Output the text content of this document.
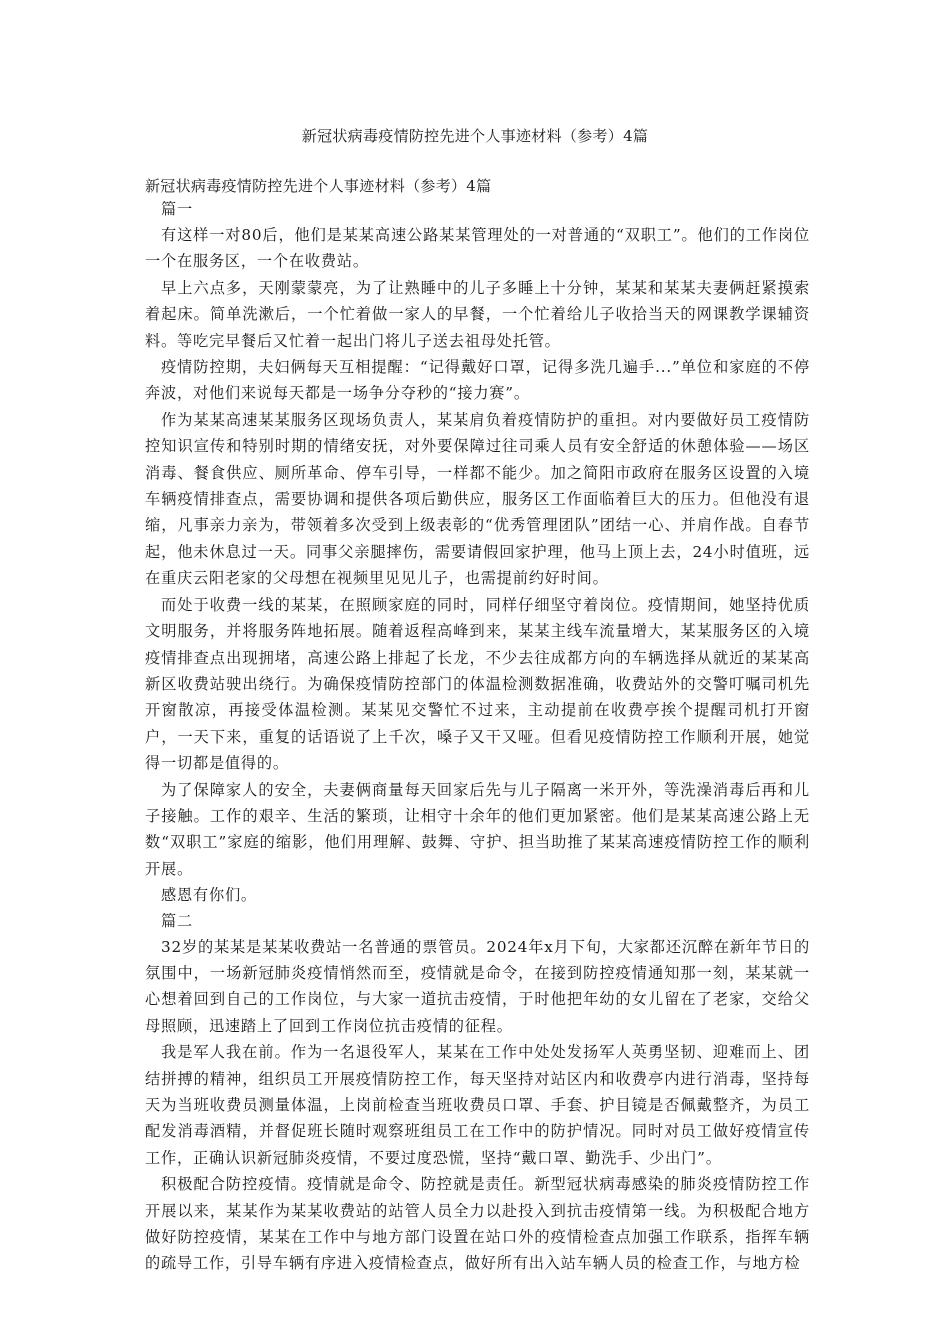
新冠状病毒疫情防控先进个人事迹材料（参考）4篇

新冠状病毒疫情防控先进个人事迹材料（参考）4篇

篇一

有这样一对80后，他们是某某高速公路某某管理处的一对普通的“双职工”。他们的工作岗位一个在服务区，一个在收费站。

早上六点多，天刚蒙蒙亮，为了让熟睡中的儿子多睡上十分钟，某某和某某夫妻俩赶紧摸索着起床。简单洗漱后，一个忙着做一家人的早餐，一个忙着给儿子收拾当天的网课教学课辅资料。等吃完早餐后又忙着一起出门将儿子送去祖母处托管。

疫情防控期，夫妇俩每天互相提醒：“记得戴好口罩，记得多洗几遍手...”单位和家庭的不停奔波，对他们来说每天都是一场争分夺秒的“接力赛”。

作为某某高速某某服务区现场负责人，某某肩负着疫情防护的重担。对内要做好员工疫情防控知识宣传和特别时期的情绪安抚，对外要保障过往司乘人员有安全舒适的休憩体验——场区消毒、餐食供应、厕所革命、停车引导，一样都不能少。加之简阳市政府在服务区设置的入境车辆疫情排查点，需要协调和提供各项后勤供应，服务区工作面临着巨大的压力。但他没有退缩，凡事亲力亲为，带领着多次受到上级表彰的“优秀管理团队”团结一心、并肩作战。自春节起，他未休息过一天。同事父亲腿摔伤，需要请假回家护理，他马上顶上去，24小时值班，远在重庆云阳老家的父母想在视频里见见儿子，也需提前约好时间。

而处于收费一线的某某，在照顾家庭的同时，同样仔细坚守着岗位。疫情期间，她坚持优质文明服务，并将服务阵地拓展。随着返程高峰到来，某某主线车流量增大，某某服务区的入境疫情排查点出现拥堵，高速公路上排起了长龙，不少去往成都方向的车辆选择从就近的某某高新区收费站驶出绕行。为确保疫情防控部门的体温检测数据准确，收费站外的交警叮嘱司机先开窗散凉，再接受体温检测。某某见交警忙不过来，主动提前在收费亭挨个提醒司机打开窗户，一天下来，重复的话语说了上千次，嗓子又干又哑。但看见疫情防控工作顺利开展，她觉得一切都是值得的。

为了保障家人的安全，夫妻俩商量每天回家后先与儿子隔离一米开外，等洗澡消毒后再和儿子接触。工作的艰辛、生活的繁琐，让相守十余年的他们更加紧密。他们是某某高速公路上无数“双职工”家庭的缩影，他们用理解、鼓舞、守护、担当助推了某某高速疫情防控工作的顺利开展。

感恩有你们。

篇二

32岁的某某是某某收费站一名普通的票管员。2024年x月下旬，大家都还沉醉在新年节日的氛围中，一场新冠肺炎疫情悄然而至，疫情就是命令，在接到防控疫情通知那一刻，某某就一心想着回到自己的工作岗位，与大家一道抗击疫情，于时他把年幼的女儿留在了老家，交给父母照顾，迅速踏上了回到工作岗位抗击疫情的征程。

我是军人我在前。作为一名退役军人，某某在工作中处处发扬军人英勇坚韧、迎难而上、团结拼搏的精神，组织员工开展疫情防控工作，每天坚持对站区内和收费亭内进行消毒，坚持每天为当班收费员测量体温，上岗前检查当班收费员口罩、手套、护目镜是否佩戴整齐，为员工配发消毒酒精，并督促班长随时观察班组员工在工作中的防护情况。同时对员工做好疫情宣传工作，正确认识新冠肺炎疫情，不要过度恐慌，坚持“戴口罩、勤洗手、少出门”。

积极配合防控疫情。疫情就是命令、防控就是责任。新型冠状病毒感染的肺炎疫情防控工作开展以来，某某作为某某收费站的站管人员全力以赴投入到抗击疫情第一线。为积极配合地方做好防控疫情，某某在工作中与地方部门设置在站口外的疫情检查点加强工作联系，指挥车辆的疏导工作，引导车辆有序进入疫情检查点，做好所有出入站车辆人员的检查工作，与地方检
